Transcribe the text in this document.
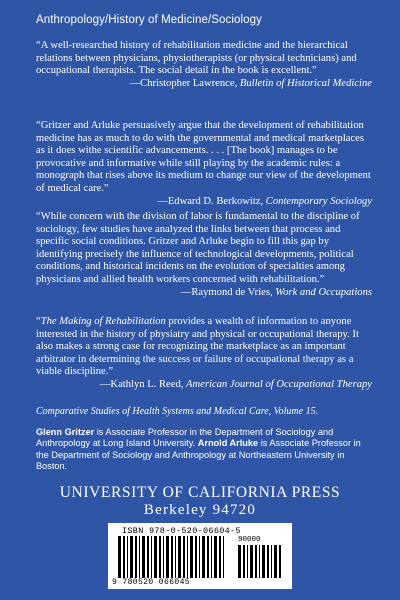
Anthropology/History of Medicine/Sociology

“A well-researched history of rehabilitation medicine and the hierarchical relations between physicians, physiotherapists (or physical technicians) and occupational therapists. The social detail in the book is excellent.”

—Christopher Lawrence, Bulletin of Historical Medicine

“Gritzer and Arluke persuasively argue that the development of rehabilitation medicine has as much to do with the governmental and medical marketplaces as it does withe scientific advancements. . . . [The book] manages to be provocative and informative while still playing by the academic rules: a monograph that rises above its medium to change our view of the development of medical care.”

—Edward D. Berkowitz, Contemporary Sociology

“While concern with the division of labor is fundamental to the discipline of sociology, few studies have analyzed the links between that process and specific social conditions. Gritzer and Arluke begin to fill this gap by identifying precisely the influence of technological developments, political conditions, and historical incidents on the evolution of specialties among physicians and allied health workers concerned with rehabilitation.”

—Raymond de Vries, Work and Occupations

“The Making of Rehabilitation provides a wealth of information to anyone interested in the history of physiatry and physical or occupational therapy. It also makes a strong case for recognizing the marketplace as an important arbitrator in determining the success or failure of occupational therapy as a viable discipline.”

—Kathlyn L. Reed, American Journal of Occupational Therapy
Comparative Studies of Health Systems and Medical Care, Volume 15.
Glenn Gritzer is Associate Professor in the Department of Sociology and Anthropology at Long Island University. Arnold Arluke is Associate Professor in the Department of Sociology and Anthropology at Northeastern University in Boston.
UNIVERSITY OF CALIFORNIA PRESS
Berkeley 94720
ISBN 978-0-520-06604-5
90000
9 780520 066045
